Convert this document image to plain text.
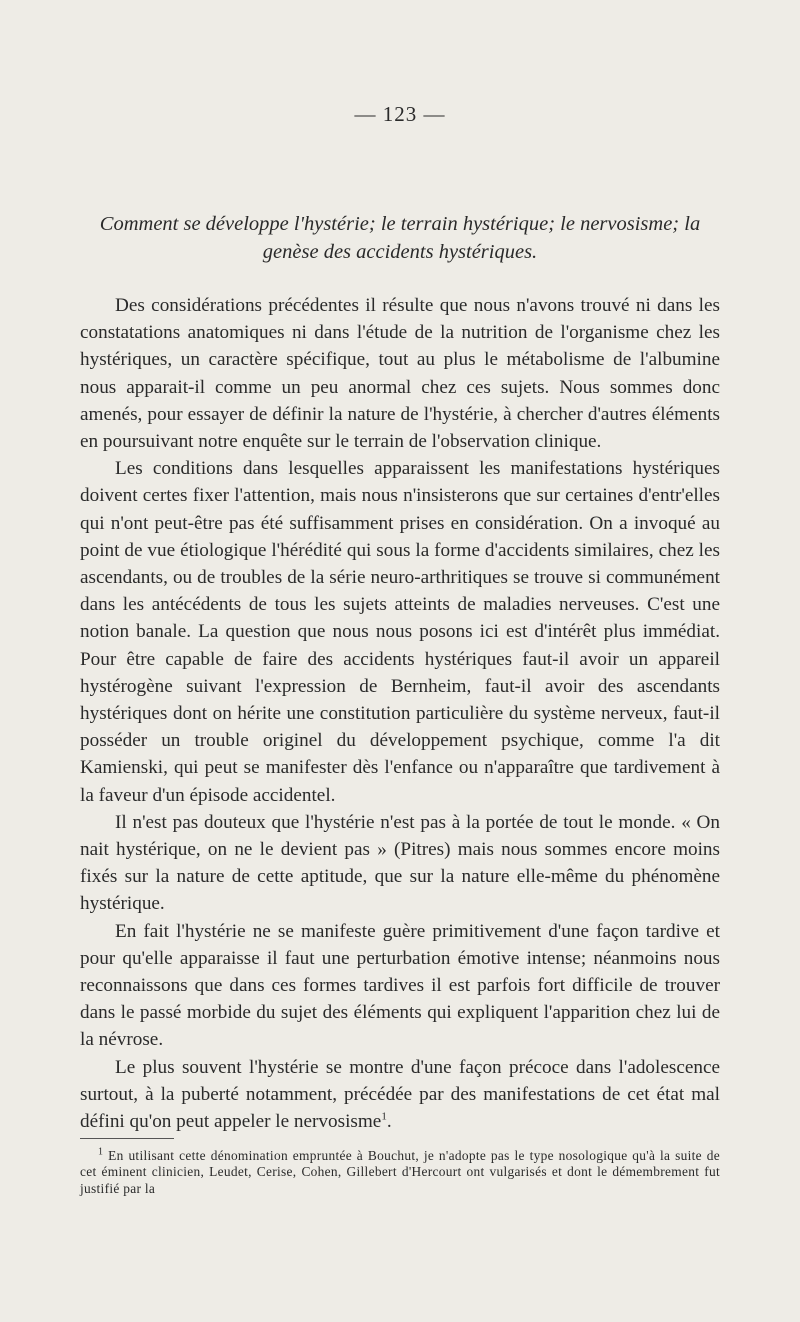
— 123 —
Comment se développe l'hystérie; le terrain hystérique; le nervosisme; la genèse des accidents hystériques.

Des considérations précédentes il résulte que nous n'avons trouvé ni dans les constatations anatomiques ni dans l'étude de la nutrition de l'organisme chez les hystériques, un caractère spécifique, tout au plus le métabolisme de l'albumine nous apparait-il comme un peu anormal chez ces sujets. Nous sommes donc amenés, pour essayer de définir la nature de l'hystérie, à chercher d'autres éléments en poursuivant notre enquête sur le terrain de l'observation clinique.

Les conditions dans lesquelles apparaissent les manifestations hystériques doivent certes fixer l'attention, mais nous n'insisterons que sur certaines d'entr'elles qui n'ont peut-être pas été suffisamment prises en considération. On a invoqué au point de vue étiologique l'hérédité qui sous la forme d'accidents similaires, chez les ascendants, ou de troubles de la série neuro-arthritiques se trouve si communément dans les antécédents de tous les sujets atteints de maladies nerveuses. C'est une notion banale. La question que nous nous posons ici est d'intérêt plus immédiat. Pour être capable de faire des accidents hystériques faut-il avoir un appareil hystérogène suivant l'expression de Bernheim, faut-il avoir des ascendants hystériques dont on hérite une constitution particulière du système nerveux, faut-il posséder un trouble originel du développement psychique, comme l'a dit Kamienski, qui peut se manifester dès l'enfance ou n'apparaître que tardivement à la faveur d'un épisode accidentel.

Il n'est pas douteux que l'hystérie n'est pas à la portée de tout le monde. « On nait hystérique, on ne le devient pas » (Pitres) mais nous sommes encore moins fixés sur la nature de cette aptitude, que sur la nature elle-même du phénomène hystérique.

En fait l'hystérie ne se manifeste guère primitivement d'une façon tardive et pour qu'elle apparaisse il faut une perturbation émotive intense; néanmoins nous reconnaissons que dans ces formes tardives il est parfois fort difficile de trouver dans le passé morbide du sujet des éléments qui expliquent l'apparition chez lui de la névrose.

Le plus souvent l'hystérie se montre d'une façon précoce dans l'adolescence surtout, à la puberté notamment, précédée par des manifestations de cet état mal défini qu'on peut appeler le nervosisme$^1$.

$^1$ En utilisant cette dénomination empruntée à Bouchut, je n'adopte pas le type nosologique qu'à la suite de cet éminent clinicien, Leudet, Cerise, Cohen, Gillebert d'Hercourt ont vulgarisés et dont le démembrement fut justifié par la
